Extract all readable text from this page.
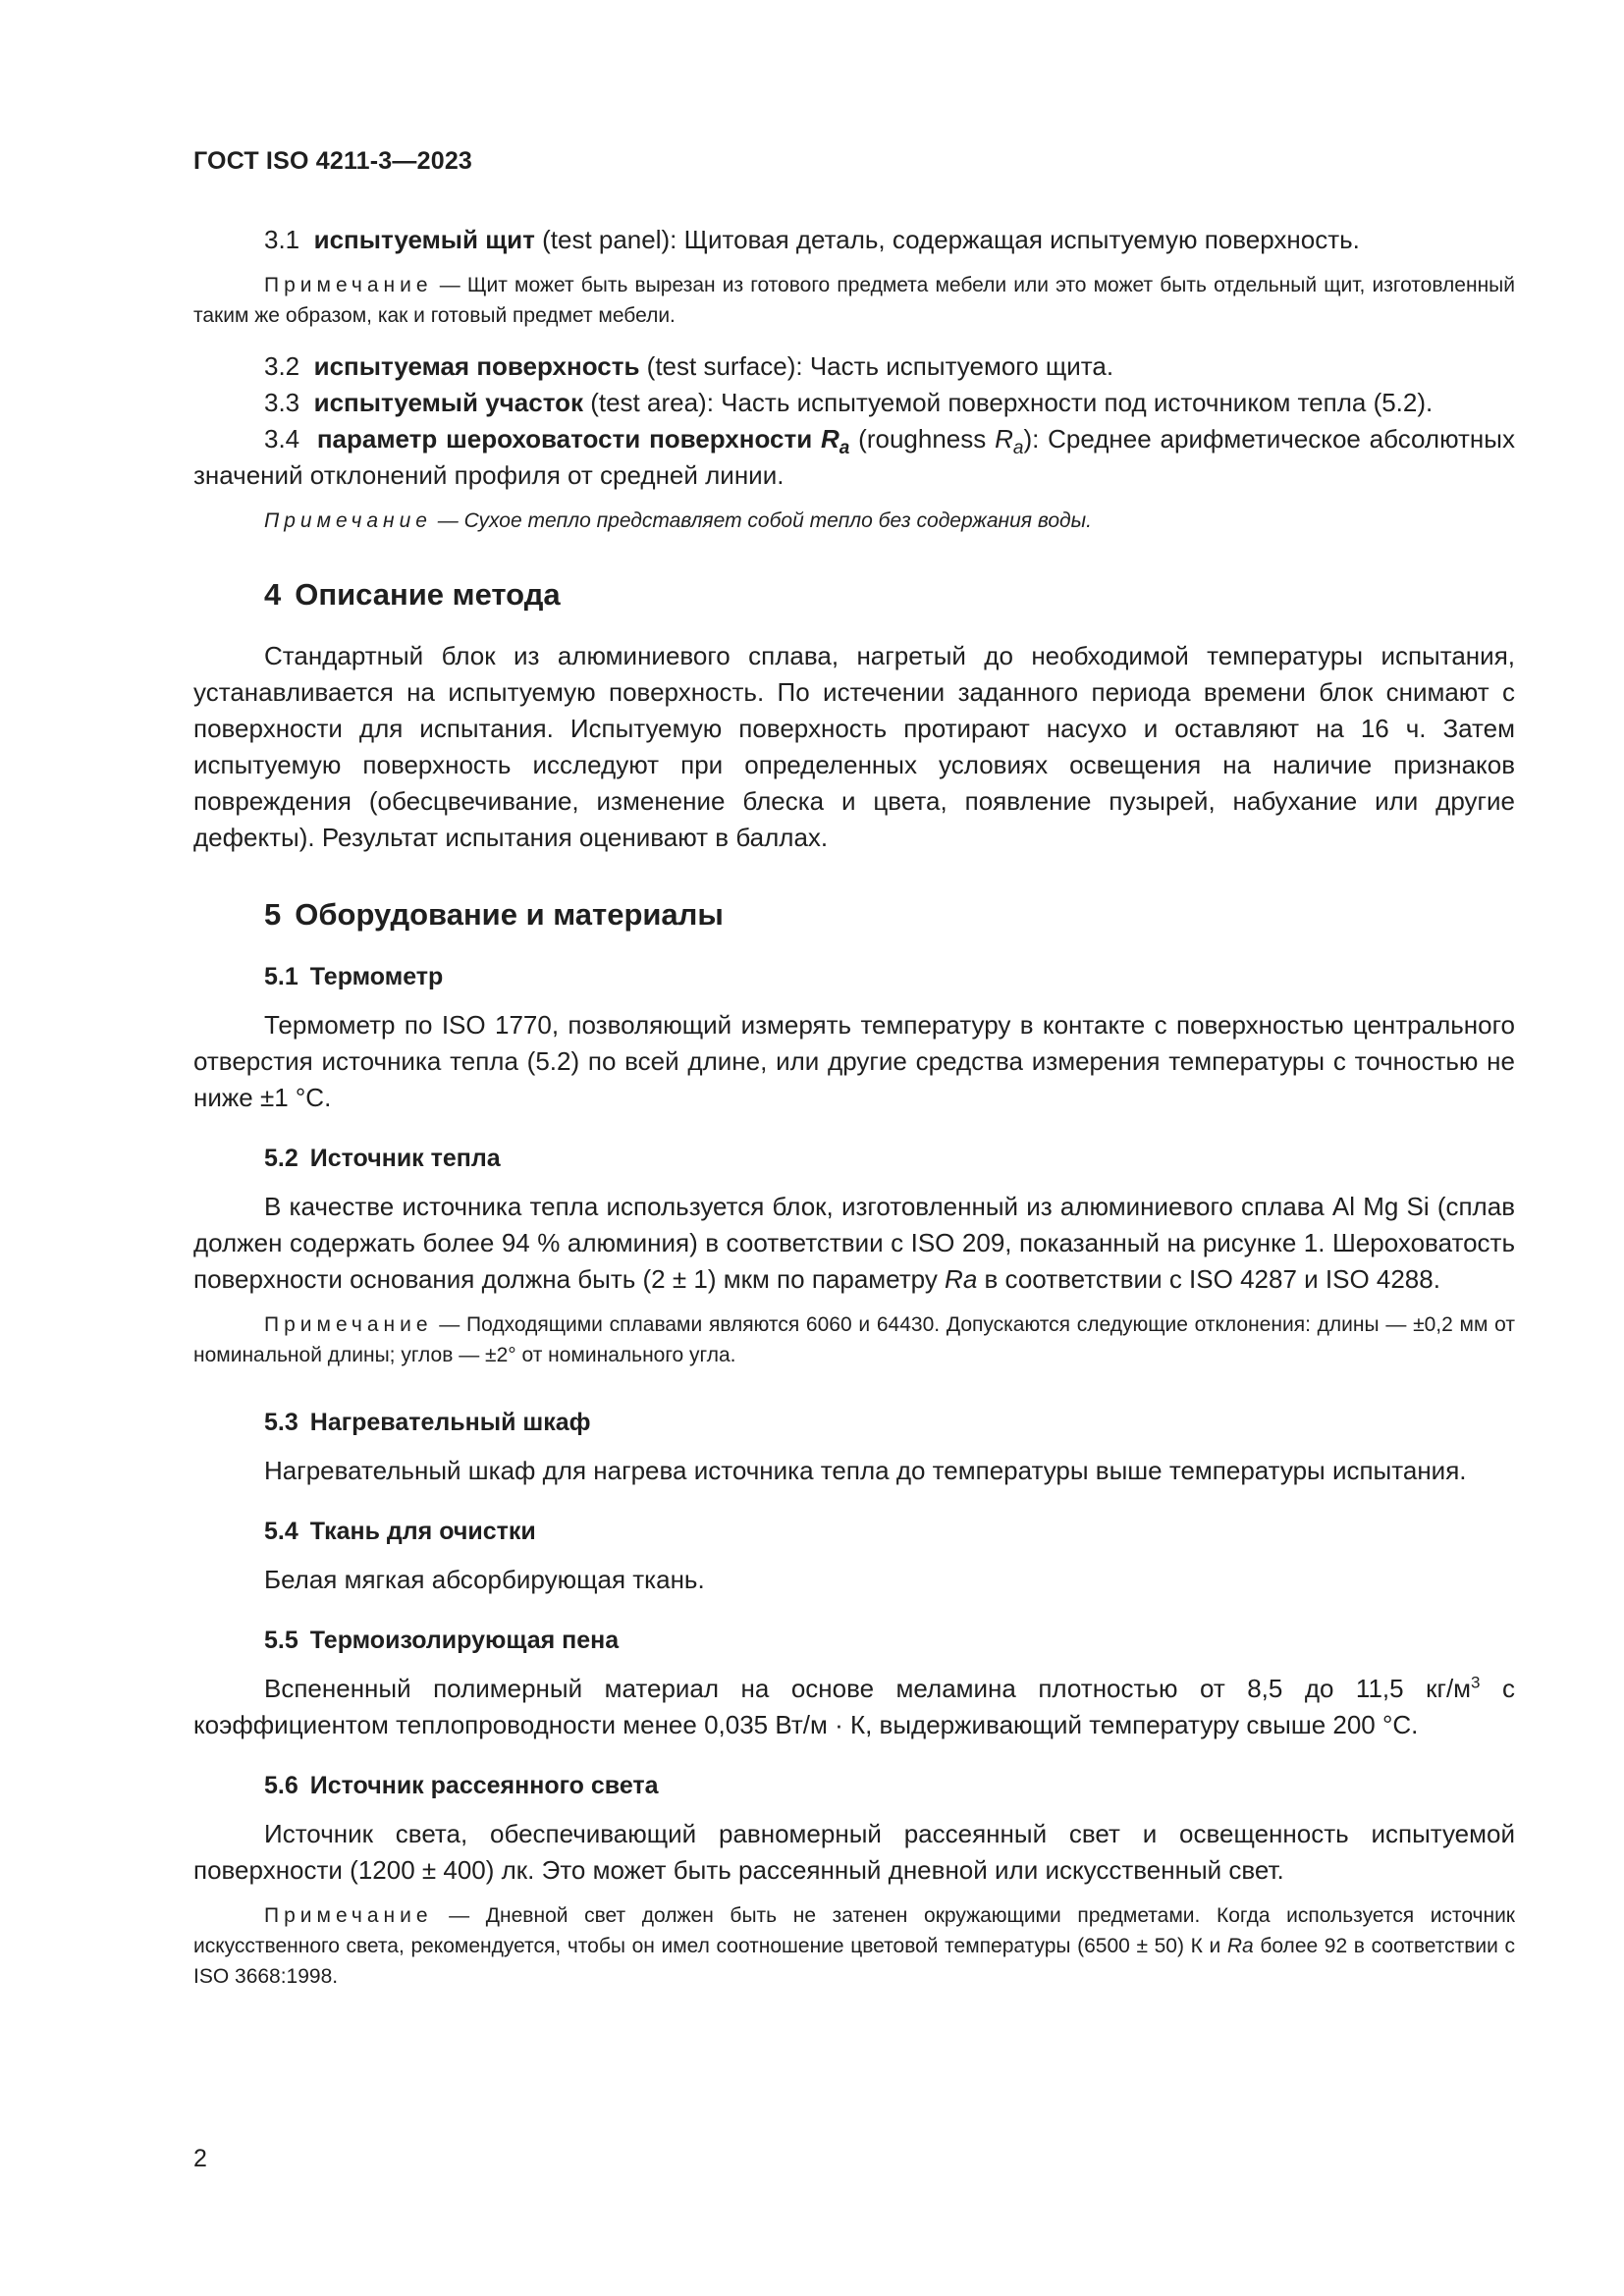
ГОСТ ISO 4211-3—2023

3.1 испытуемый щит (test panel): Щитовая деталь, содержащая испытуемую поверхность.

Примечание — Щит может быть вырезан из готового предмета мебели или это может быть отдельный щит, изготовленный таким же образом, как и готовый предмет мебели.

3.2 испытуемая поверхность (test surface): Часть испытуемого щита.

3.3 испытуемый участок (test area): Часть испытуемой поверхности под источником тепла (5.2).

3.4 параметр шероховатости поверхности $R_a$ (roughness $R_a$): Среднее арифметическое абсолютных значений отклонений профиля от средней линии.

Примечание — Сухое тепло представляет собой тепло без содержания воды.

4 Описание метода

Стандартный блок из алюминиевого сплава, нагретый до необходимой температуры испытания, устанавливается на испытуемую поверхность. По истечении заданного периода времени блок снимают с поверхности для испытания. Испытуемую поверхность протирают насухо и оставляют на 16 ч. Затем испытуемую поверхность исследуют при определенных условиях освещения на наличие признаков повреждения (обесцвечивание, изменение блеска и цвета, появление пузырей, набухание или другие дефекты). Результат испытания оценивают в баллах.

5 Оборудование и материалы
5.1 Термометр

Термометр по ISO 1770, позволяющий измерять температуру в контакте с поверхностью центрального отверстия источника тепла (5.2) по всей длине, или другие средства измерения температуры с точностью не ниже ±1 °С.

5.2 Источник тепла

В качестве источника тепла используется блок, изготовленный из алюминиевого сплава Al Mg Si (сплав должен содержать более 94 % алюминия) в соответствии с ISO 209, показанный на рисунке 1. Шероховатость поверхности основания должна быть (2 ± 1) мкм по параметру Ra в соответствии с ISO 4287 и ISO 4288.

Примечание — Подходящими сплавами являются 6060 и 64430. Допускаются следующие отклонения: длины — ±0,2 мм от номинальной длины; углов — ±2° от номинального угла.

5.3 Нагревательный шкаф

Нагревательный шкаф для нагрева источника тепла до температуры выше температуры испытания.

5.4 Ткань для очистки

Белая мягкая абсорбирующая ткань.

5.5 Термоизолирующая пена

Вспененный полимерный материал на основе меламина плотностью от 8,5 до 11,5 $кг/м^3$ с коэффициентом теплопроводности менее 0,035 Вт/м · К, выдерживающий температуру свыше 200 °С.

5.6 Источник рассеянного света

Источник света, обеспечивающий равномерный рассеянный свет и освещенность испытуемой поверхности (1200 ± 400) лк. Это может быть рассеянный дневной или искусственный свет.

Примечание — Дневной свет должен быть не затенен окружающими предметами. Когда используется источник искусственного света, рекомендуется, чтобы он имел соотношение цветовой температуры (6500 ± 50) К и Ra более 92 в соответствии с ISO 3668:1998.

2
